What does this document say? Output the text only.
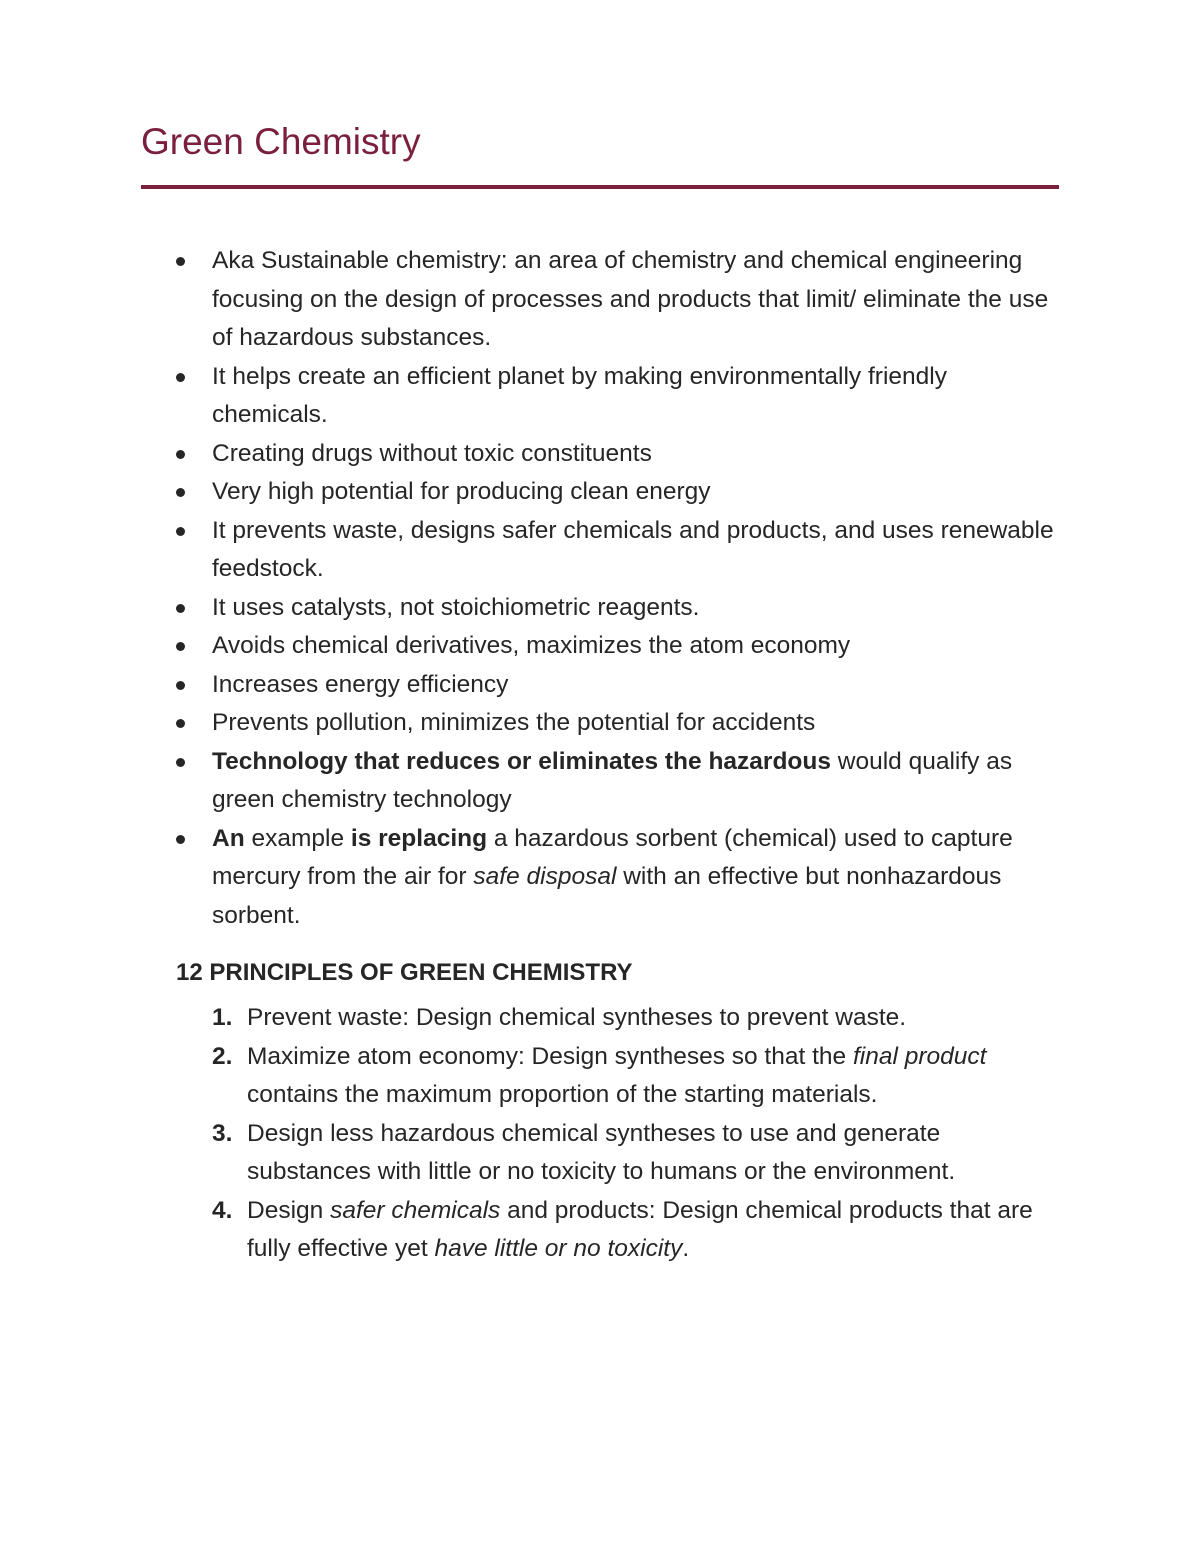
Green Chemistry
Aka Sustainable chemistry: an area of chemistry and chemical engineering focusing on the design of processes and products that limit/ eliminate the use of hazardous substances.
It helps create an efficient planet by making environmentally friendly chemicals.
Creating drugs without toxic constituents
Very high potential for producing clean energy
It prevents waste, designs safer chemicals and products, and uses renewable feedstock.
It uses catalysts, not stoichiometric reagents.
Avoids chemical derivatives, maximizes the atom economy
Increases energy efficiency
Prevents pollution, minimizes the potential for accidents
Technology that reduces or eliminates the hazardous would qualify as green chemistry technology
An example is replacing a hazardous sorbent (chemical) used to capture mercury from the air for safe disposal with an effective but nonhazardous sorbent.
12 PRINCIPLES OF GREEN CHEMISTRY
1. Prevent waste: Design chemical syntheses to prevent waste.
2. Maximize atom economy: Design syntheses so that the final product contains the maximum proportion of the starting materials.
3. Design less hazardous chemical syntheses to use and generate substances with little or no toxicity to humans or the environment.
4. Design safer chemicals and products: Design chemical products that are fully effective yet have little or no toxicity.
